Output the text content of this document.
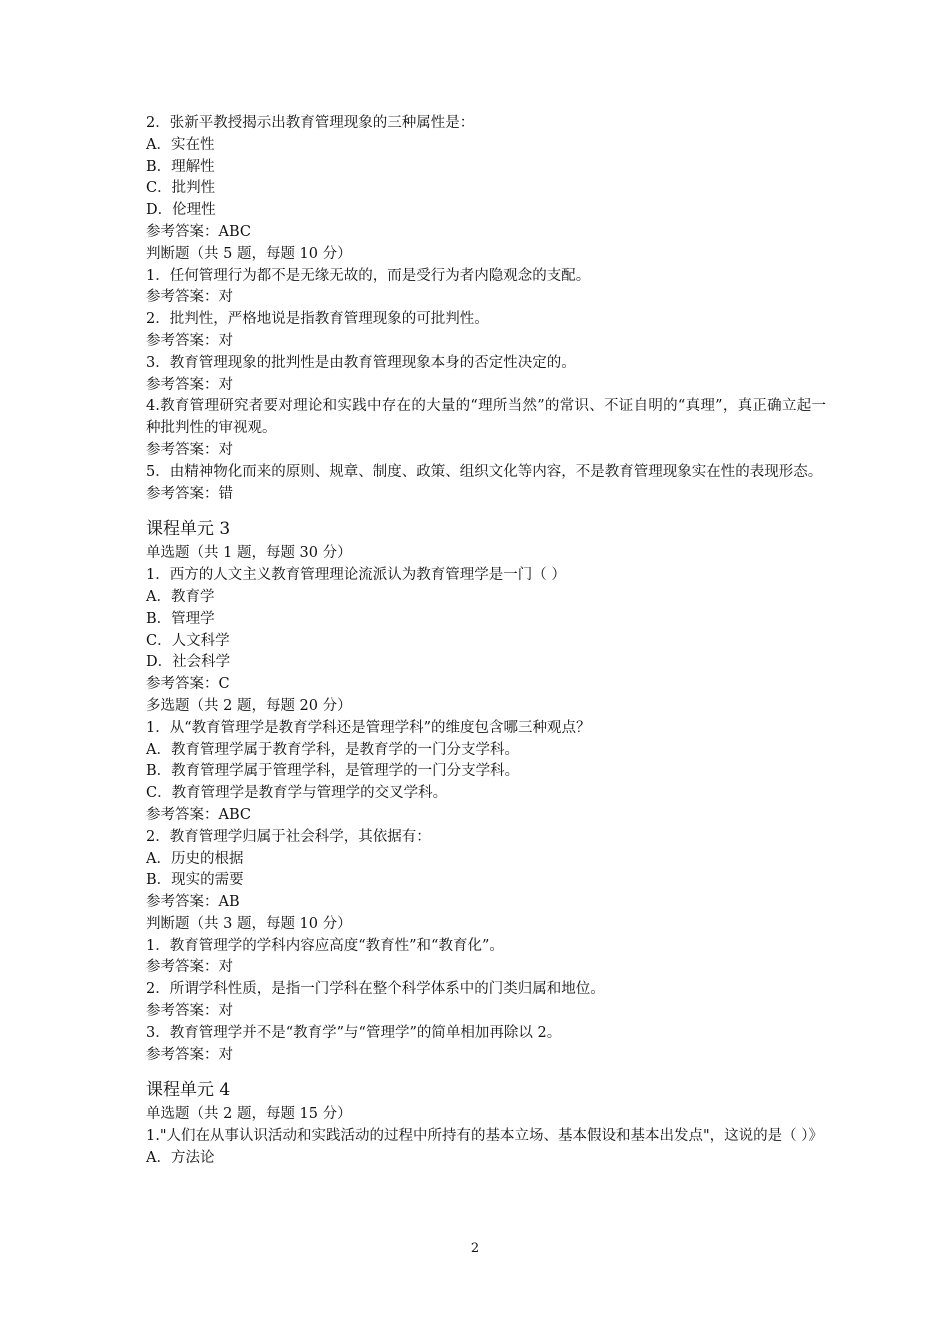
2．张新平教授揭示出教育管理现象的三种属性是：
A．实在性
B．理解性
C．批判性
D．伦理性
参考答案：ABC
判断题（共 5 题，每题 10 分）
1．任何管理行为都不是无缘无故的，而是受行为者内隐观念的支配。
参考答案：对
2．批判性，严格地说是指教育管理现象的可批判性。
参考答案：对
3．教育管理现象的批判性是由教育管理现象本身的否定性决定的。
参考答案：对
4.教育管理研究者要对理论和实践中存在的大量的“理所当然”的常识、不证自明的“真理”，真正确立起一种批判性的审视观。
参考答案：对
5．由精神物化而来的原则、规章、制度、政策、组织文化等内容，不是教育管理现象实在性的表现形态。
参考答案：错
课程单元 3
单选题（共 1 题，每题 30 分）
1．西方的人文主义教育管理理论流派认为教育管理学是一门（ ）
A．教育学
B．管理学
C．人文科学
D．社会科学
参考答案：C
多选题（共 2 题，每题 20 分）
1．从“教育管理学是教育学科还是管理学科”的维度包含哪三种观点？
A．教育管理学属于教育学科，是教育学的一门分支学科。
B．教育管理学属于管理学科，是管理学的一门分支学科。
C．教育管理学是教育学与管理学的交叉学科。
参考答案：ABC
2．教育管理学归属于社会科学，其依据有：
A．历史的根据
B．现实的需要
参考答案：AB
判断题（共 3 题，每题 10 分）
1．教育管理学的学科内容应高度“教育性”和“教育化”。
参考答案：对
2．所谓学科性质，是指一门学科在整个科学体系中的门类归属和地位。
参考答案：对
3．教育管理学并不是“教育学”与“管理学”的简单相加再除以 2。
参考答案：对
课程单元 4
单选题（共 2 题，每题 15 分）
1."人们在从事认识活动和实践活动的过程中所持有的基本立场、基本假设和基本出发点"，这说的是（ ）》
A．方法论
2
